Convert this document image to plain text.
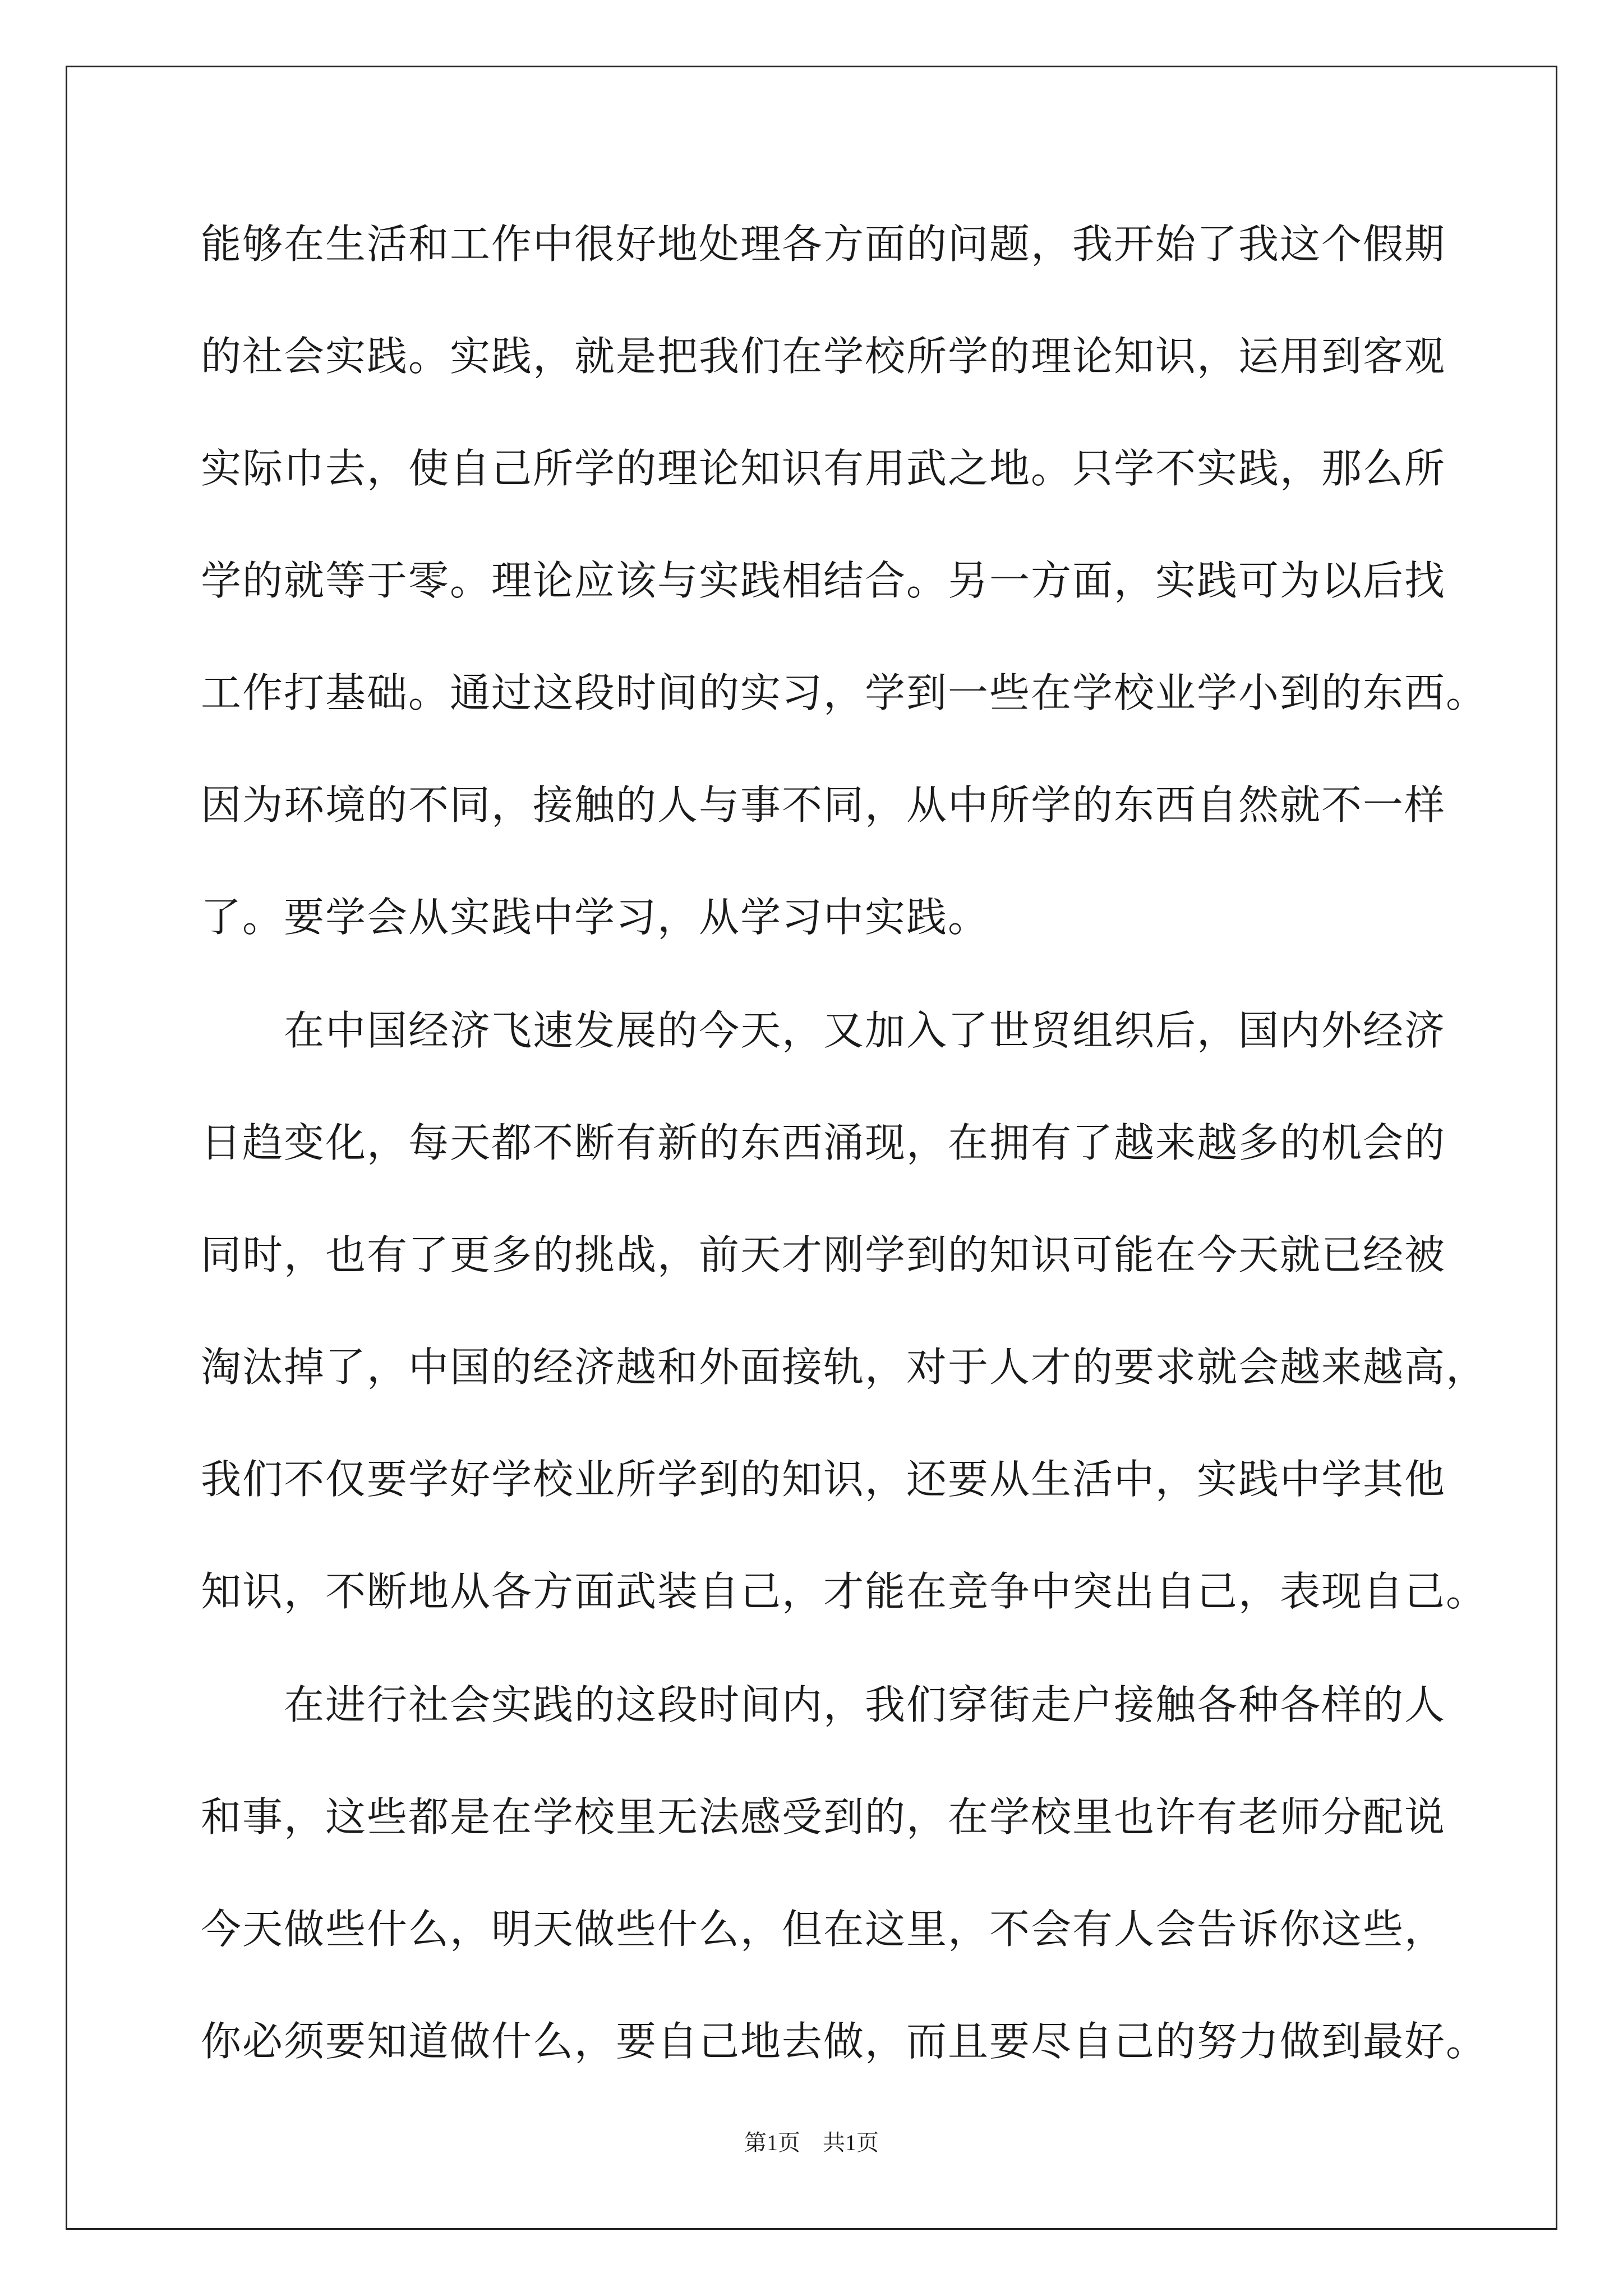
能够在生活和工作中很好地处理各方面的问题，我开始了我这个假期
的社会实践。实践，就是把我们在学校所学的理论知识，运用到客观
实际巾去，使自己所学的理论知识有用武之地。只学不实践，那么所
学的就等于零。理论应该与实践相结合。另一方面，实践可为以后找
工作打基础。通过这段时间的实习，学到一些在学校业学小到的东西。
因为环境的不同，接触的人与事不同，从中所学的东西自然就不一样
了。要学会从实践中学习，从学习中实践。
　　在中国经济飞速发展的今天，又加入了世贸组织后，国内外经济
日趋变化，每天都不断有新的东西涌现，在拥有了越来越多的机会的
同时，也有了更多的挑战，前天才刚学到的知识可能在今天就已经被
淘汰掉了，中国的经济越和外面接轨，对于人才的要求就会越来越高，
我们不仅要学好学校业所学到的知识，还要从生活中，实践中学其他
知识，不断地从各方面武装自己，才能在竞争中突出自己，表现自己。
　　在进行社会实践的这段时间内，我们穿街走户接触各种各样的人
和事，这些都是在学校里无法感受到的，在学校里也许有老师分配说
今天做些什么，明天做些什么，但在这里，不会有人会告诉你这些，
你必须要知道做什么，要自己地去做，而且要尽自己的努力做到最好。
第1页　共1页
